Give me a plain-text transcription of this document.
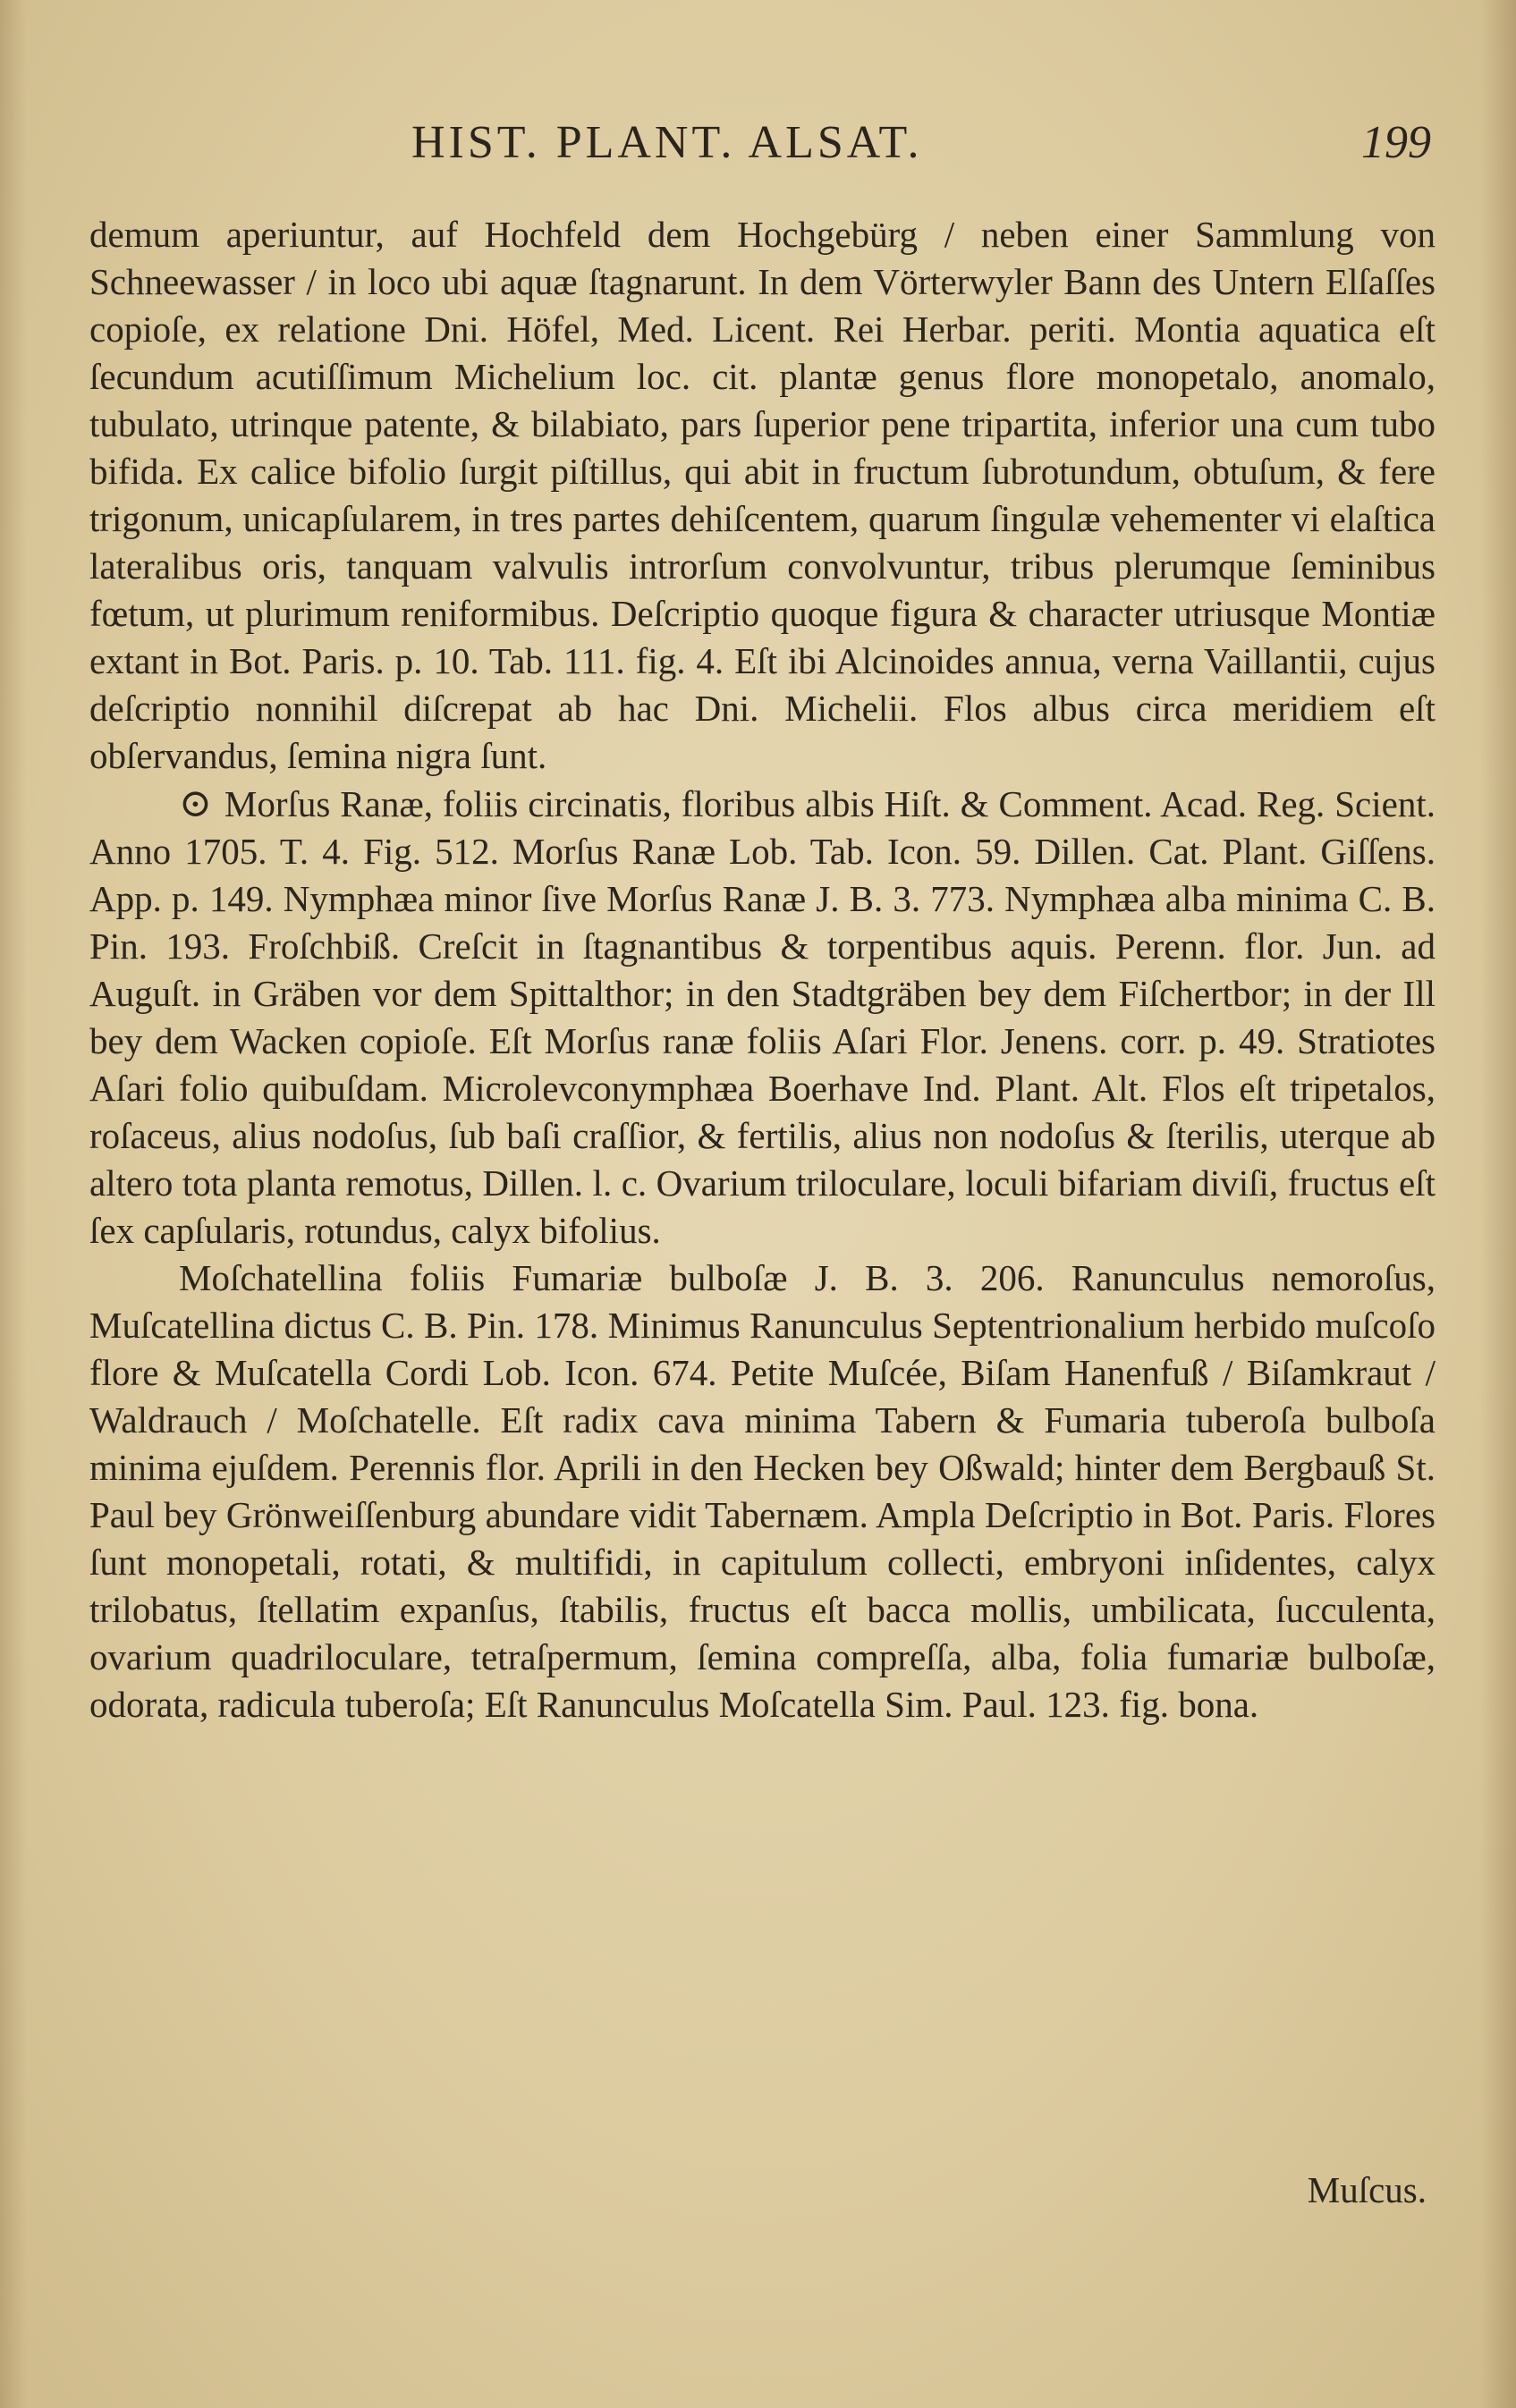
HIST. PLANT. ALSAT.	199

demum aperiuntur, auf Hochfeld dem Hochgebürg / neben einer Sammlung von Schneewasser / in loco ubi aquæ ſtagnarunt. In dem Vörterwyler Bann des Untern Elſaſſes copioſe, ex relatione Dni. Höfel, Med. Licent. Rei Herbar. periti. Montia aquatica eſt ſecundum acutiſſimum Michelium loc. cit. plantæ genus flore monopetalo, anomalo, tubulato, utrinque patente, & bilabiato, pars ſuperior pene tripartita, inferior una cum tubo bifida. Ex calice bifolio ſurgit piſtillus, qui abit in fructum ſubrotundum, obtuſum, & fere trigonum, unicapſularem, in tres partes dehiſcentem, quarum ſingulæ vehementer vi elaſtica lateralibus oris, tanquam valvulis introrſum convolvuntur, tribus plerumque ſeminibus fœtum, ut plurimum reniformibus. Deſcriptio quoque figura & character utriusque Montiæ extant in Bot. Paris. p. 10. Tab. 111. fig. 4. Eſt ibi Alcinoides annua, verna Vaillantii, cujus deſcriptio nonnihil diſcrepat ab hac Dni. Michelii. Flos albus circa meridiem eſt obſervandus, ſemina nigra ſunt.

⊙ Morſus Ranæ, foliis circinatis, floribus albis Hiſt. & Comment. Acad. Reg. Scient. Anno 1705. T. 4. Fig. 512. Morſus Ranæ Lob. Tab. Icon. 59. Dillen. Cat. Plant. Giſſens. App. p. 149. Nymphæa minor ſive Morſus Ranæ J. B. 3. 773. Nymphæa alba minima C. B. Pin. 193. Froſchbiß. Creſcit in ſtagnantibus & torpentibus aquis. Perenn. flor. Jun. ad Auguſt. in Gräben vor dem Spittalthor; in den Stadtgräben bey dem Fiſchertbor; in der Ill bey dem Wacken copioſe. Eſt Morſus ranæ foliis Aſari Flor. Jenens. corr. p. 49. Stratiotes Aſari folio quibuſdam. Microlevconymphæa Boerhave Ind. Plant. Alt. Flos eſt tripetalos, roſaceus, alius nodoſus, ſub baſi craſſior, & fertilis, alius non nodoſus & ſterilis, uterque ab altero tota planta remotus, Dillen. l. c. Ovarium triloculare, loculi bifariam diviſi, fructus eſt ſex capſularis, rotundus, calyx bifolius.

Moſchatellina foliis Fumariæ bulboſæ J. B. 3. 206. Ranunculus nemoroſus, Muſcatellina dictus C. B. Pin. 178. Minimus Ranunculus Septentrionalium herbido muſcoſo flore & Muſcatella Cordi Lob. Icon. 674. Petite Muſcée, Biſam Hanenfuß / Biſamkraut / Waldrauch / Moſchatelle. Eſt radix cava minima Tabern & Fumaria tuberoſa bulboſa minima ejuſdem. Perennis flor. Aprili in den Hecken bey Oßwald; hinter dem Bergbauß St. Paul bey Grönweiſſenburg abundare vidit Tabernæm. Ampla Deſcriptio in Bot. Paris. Flores ſunt monopetali, rotati, & multifidi, in capitulum collecti, embryoni inſidentes, calyx trilobatus, ſtellatim expanſus, ſtabilis, fructus eſt bacca mollis, umbilicata, ſucculenta, ovarium quadriloculare, tetraſpermum, ſemina compreſſa, alba, folia fumariæ bulboſæ, odorata, radicula tuberoſa; Eſt Ranunculus Moſcatella Sim. Paul. 123. fig. bona.

Muſcus.
